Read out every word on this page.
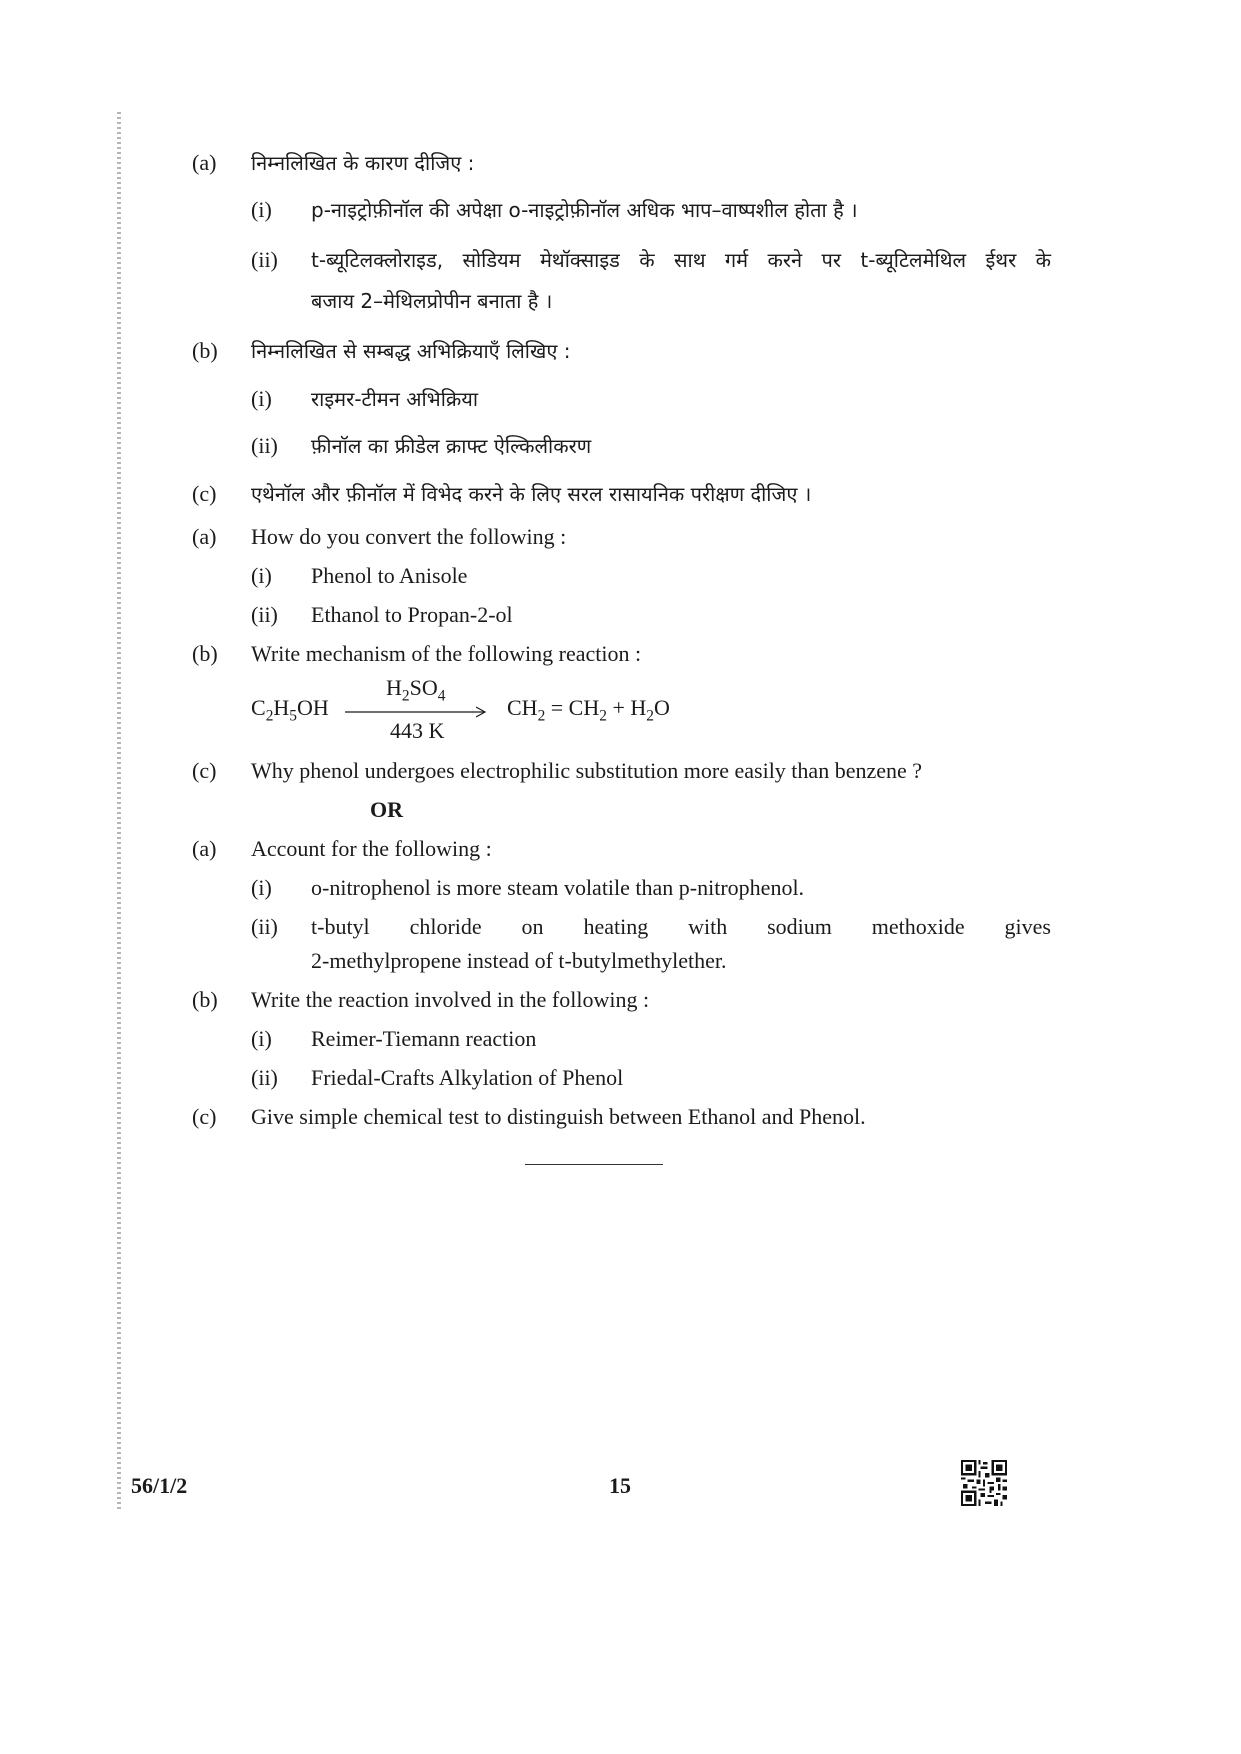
(a) निम्नलिखित के कारण दीजिए :
(i) p-नाइट्रोफ़ीनॉल की अपेक्षा o-नाइट्रोफ़ीनॉल अधिक भाप–वाष्पशील होता है ।
(ii) t-ब्यूटिलक्लोराइड, सोडियम मेथॉक्साइड के साथ गर्म करने पर t-ब्यूटिलमेथिल ईथर के
बजाय 2–मेथिलप्रोपीन बनाता है ।
(b) निम्नलिखित से सम्बद्ध अभिक्रियाएँ लिखिए :
(i) राइमर-टीमन अभिक्रिया
(ii) फ़ीनॉल का फ्रीडेल क्राफ्ट ऐल्किलीकरण
(c) एथेनॉल और फ़ीनॉल में विभेद करने के लिए सरल रासायनिक परीक्षण दीजिए ।
(a) How do you convert the following :
(i) Phenol to Anisole
(ii) Ethanol to Propan-2-ol
(b) Write mechanism of the following reaction :
$C_2H_5OH$
$H_2SO_4$
443 K
$CH_2 = CH_2 + H_2O$
(c) Why phenol undergoes electrophilic substitution more easily than benzene ?
OR
(a) Account for the following :
(i) o-nitrophenol is more steam volatile than p-nitrophenol.
(ii) t-butyl chloride on heating with sodium methoxide gives
2-methylpropene instead of t-butylmethylether.
(b) Write the reaction involved in the following :
(i) Reimer-Tiemann reaction
(ii) Friedal-Crafts Alkylation of Phenol
(c) Give simple chemical test to distinguish between Ethanol and Phenol.
56/1/2	15
